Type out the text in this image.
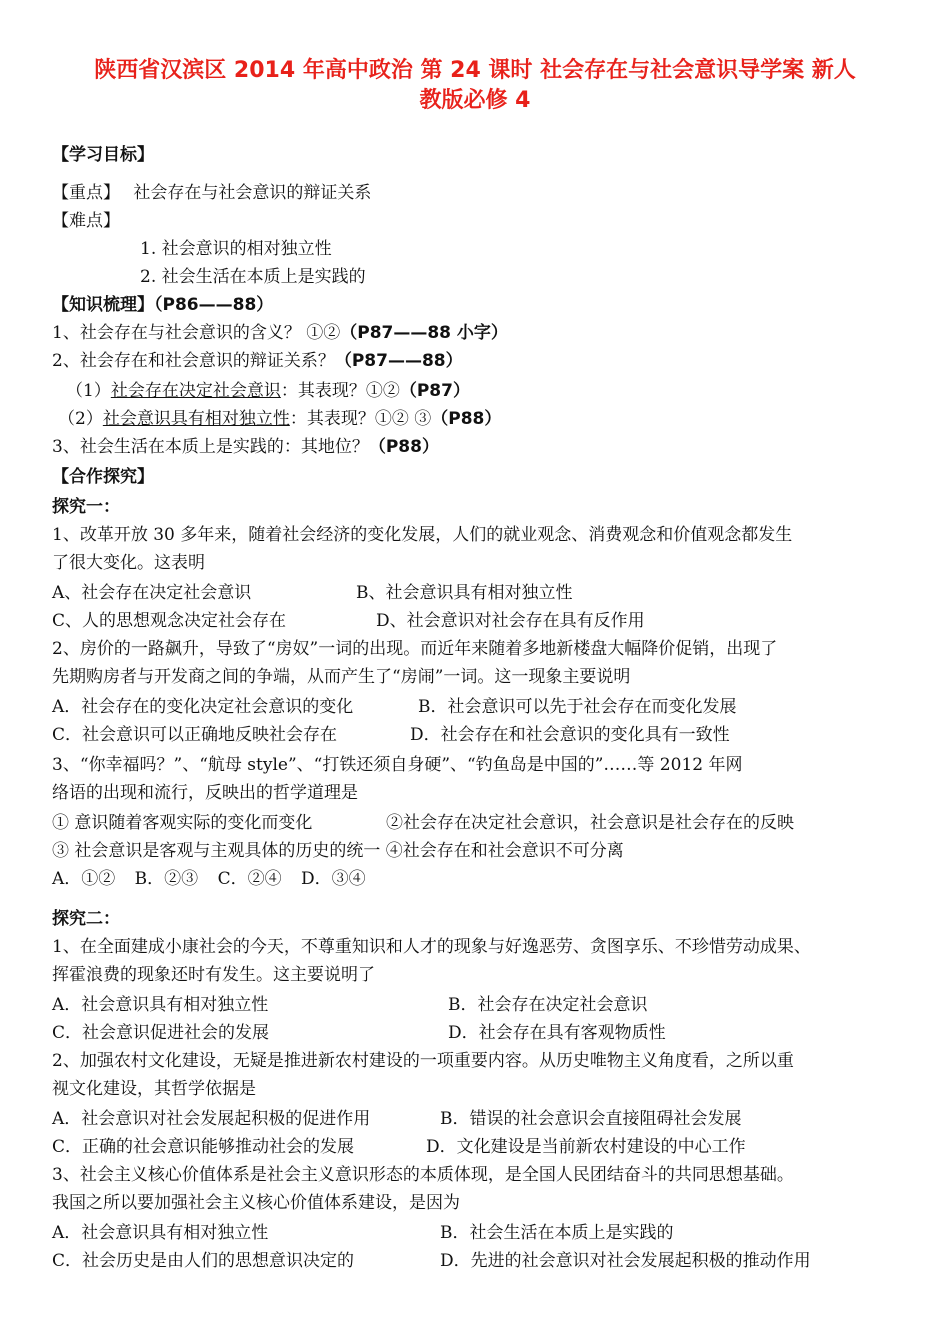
陕西省汉滨区 2014 年高中政治 第 24 课时 社会存在与社会意识导学案 新人
教版必修 4
【学习目标】
【重点】 社会存在与社会意识的辩证关系
【难点】
1. 社会意识的相对独立性
2. 社会生活在本质上是实践的
【知识梳理】（P86——88）
1、社会存在与社会意识的含义？ ①②（P87——88 小字）
2、社会存在和社会意识的辩证关系？（P87——88）
（1）社会存在决定社会意识：其表现？①②（P87）
（2）社会意识具有相对独立性：其表现？①② ③（P88）
3、社会生活在本质上是实践的：其地位？（P88）
【合作探究】
探究一：
1、改革开放 30 多年来，随着社会经济的变化发展，人们的就业观念、消费观念和价值观念都发生
了很大变化。这表明
A、社会存在决定社会意识	B、社会意识具有相对独立性
C、人的思想观念决定社会存在	D、社会意识对社会存在具有反作用
2、房价的一路飙升，导致了“房奴”一词的出现。而近年来随着多地新楼盘大幅降价促销，出现了
先期购房者与开发商之间的争端，从而产生了“房闹”一词。这一现象主要说明
A．社会存在的变化决定社会意识的变化	B．社会意识可以先于社会存在而变化发展
C．社会意识可以正确地反映社会存在	D．社会存在和社会意识的变化具有一致性
3、“你幸福吗？”、“航母 style”、“打铁还须自身硬”、“钓鱼岛是中国的”……等 2012 年网
络语的出现和流行，反映出的哲学道理是
① 意识随着客观实际的变化而变化	②社会存在决定社会意识，社会意识是社会存在的反映
③ 社会意识是客观与主观具体的历史的统一 ④社会存在和社会意识不可分离
A．①② B．②③ C．②④ D．③④
探究二：
1、在全面建成小康社会的今天，不尊重知识和人才的现象与好逸恶劳、贪图享乐、不珍惜劳动成果、
挥霍浪费的现象还时有发生。这主要说明了
A．社会意识具有相对独立性	B．社会存在决定社会意识
C．社会意识促进社会的发展	D．社会存在具有客观物质性
2、加强农村文化建设，无疑是推进新农村建设的一项重要内容。从历史唯物主义角度看，之所以重
视文化建设，其哲学依据是
A．社会意识对社会发展起积极的促进作用	B．错误的社会意识会直接阻碍社会发展
C．正确的社会意识能够推动社会的发展	D．文化建设是当前新农村建设的中心工作
3、社会主义核心价值体系是社会主义意识形态的本质体现，是全国人民团结奋斗的共同思想基础。
我国之所以要加强社会主义核心价值体系建设，是因为
A．社会意识具有相对独立性	B．社会生活在本质上是实践的
C．社会历史是由人们的思想意识决定的	D．先进的社会意识对社会发展起积极的推动作用
